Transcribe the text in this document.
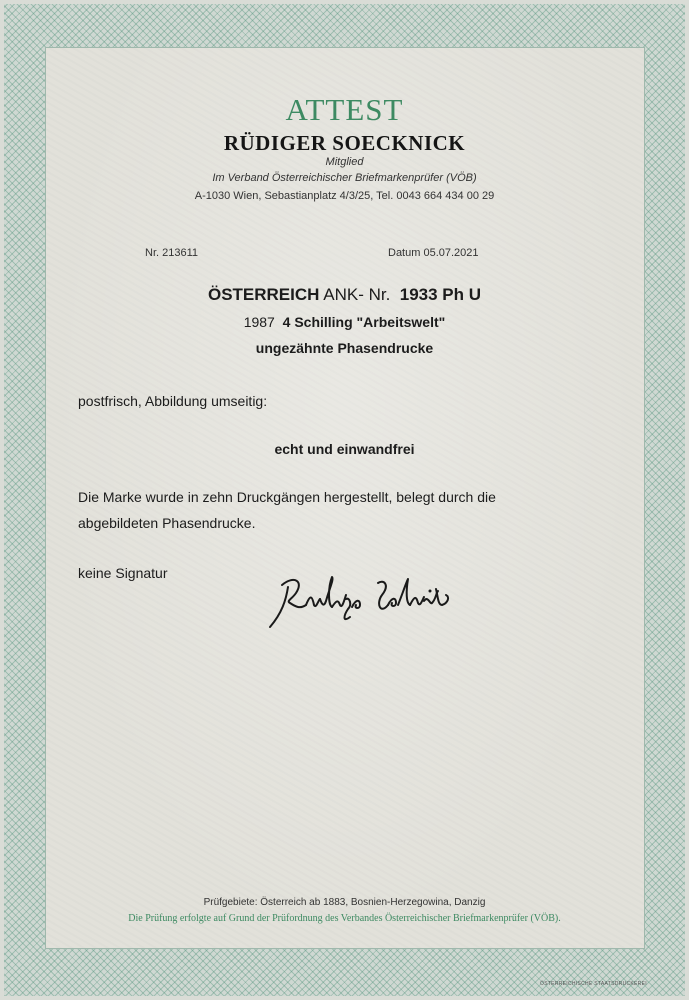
ATTEST
RÜDIGER SOECKNICK
Mitglied
Im Verband Österreichischer Briefmarkenprüfer (VÖB)
A-1030 Wien, Sebastianplatz 4/3/25, Tel. 0043 664 434 00 29
Nr. 213611	Datum 05.07.2021
ÖSTERREICH ANK- Nr. 1933 Ph U
1987 4 Schilling "Arbeitswelt"
ungezähnte Phasendrucke
postfrisch, Abbildung umseitig:
echt und einwandfrei
Die Marke wurde in zehn Druckgängen hergestellt, belegt durch die
abgebildeten Phasendrucke.
keine Signatur
Prüfgebiete: Österreich ab 1883, Bosnien-Herzegowina, Danzig
Die Prüfung erfolgte auf Grund der Prüfordnung des Verbandes Österreichischer Briefmarkenprüfer (VÖB).
ÖSTERREICHISCHE STAATSDRUCKEREI
